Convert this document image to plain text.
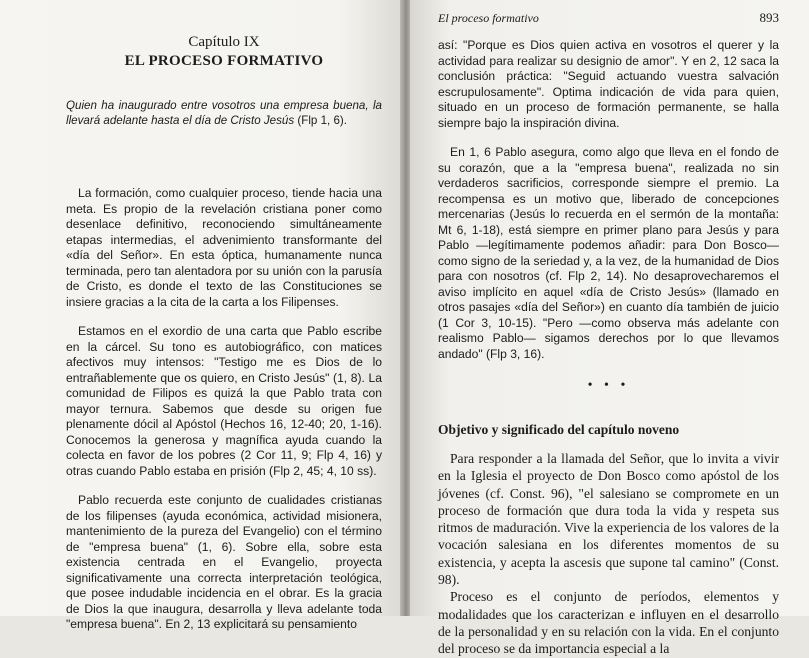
Capítulo IX
EL PROCESO FORMATIVO
Quien ha inaugurado entre vosotros una empresa buena, la llevará adelante hasta el día de Cristo Jesús (Flp 1, 6).

La formación, como cualquier proceso, tiende hacia una meta. Es propio de la revelación cristiana poner como desenlace definitivo, reconociendo simultáneamente etapas intermedias, el advenimiento transformante del «día del Señor». En esta óptica, humanamente nunca terminada, pero tan alentadora por su unión con la parusía de Cristo, es donde el texto de las Constituciones se insiere gracias a la cita de la carta a los Filipenses.

Estamos en el exordio de una carta que Pablo escribe en la cárcel. Su tono es autobiográfico, con matices afectivos muy intensos: "Testigo me es Dios de lo entrañablemente que os quiero, en Cristo Jesús" (1, 8). La comunidad de Filipos es quizá la que Pablo trata con mayor ternura. Sabemos que desde su origen fue plenamente dócil al Apóstol (Hechos 16, 12-40; 20, 1-16). Conocemos la generosa y magnífica ayuda cuando la colecta en favor de los pobres (2 Cor 11, 9; Flp 4, 16) y otras cuando Pablo estaba en prisión (Flp 2, 45; 4, 10 ss).

Pablo recuerda este conjunto de cualidades cristianas de los filipenses (ayuda económica, actividad misionera, mantenimiento de la pureza del Evangelio) con el término de "empresa buena" (1, 6). Sobre ella, sobre esta existencia centrada en el Evangelio, proyecta significativamente una correcta interpretación teológica, que posee indudable incidencia en el obrar. Es la gracia de Dios la que inaugura, desarrolla y lleva adelante toda "empresa buena". En 2, 13 explicitará su pensamiento

El proceso formativo	893

así: "Porque es Dios quien activa en vosotros el querer y la actividad para realizar su designio de amor". Y en 2, 12 saca la conclusión práctica: "Seguid actuando vuestra salvación escrupulosamente". Optima indicación de vida para quien, situado en un proceso de formación permanente, se halla siempre bajo la inspiración divina.

En 1, 6 Pablo asegura, como algo que lleva en el fondo de su corazón, que a la "empresa buena", realizada no sin verdaderos sacrificios, corresponde siempre el premio. La recompensa es un motivo que, liberado de concepciones mercenarias (Jesús lo recuerda en el sermón de la montaña: Mt 6, 1-18), está siempre en primer plano para Jesús y para Pablo —legítimamente podemos añadir: para Don Bosco— como signo de la seriedad y, a la vez, de la humanidad de Dios para con nosotros (cf. Flp 2, 14). No desaprovecharemos el aviso implícito en aquel «día de Cristo Jesús» (llamado en otros pasajes «día del Señor») en cuanto día también de juicio (1 Cor 3, 10-15). "Pero —como observa más adelante con realismo Pablo— sigamos derechos por lo que llevamos andado" (Flp 3, 16).

• • •
Objetivo y significado del capítulo noveno

Para responder a la llamada del Señor, que lo invita a vivir en la Iglesia el proyecto de Don Bosco como apóstol de los jóvenes (cf. Const. 96), "el salesiano se compromete en un proceso de formación que dura toda la vida y respeta sus ritmos de maduración. Vive la experiencia de los valores de la vocación salesiana en los diferentes momentos de su existencia, y acepta la ascesis que supone tal camino" (Const. 98).

Proceso es el conjunto de períodos, elementos y modalidades que los caracterizan e influyen en el desarrollo de la personalidad y en su relación con la vida. En el conjunto del proceso se da importancia especial a la
